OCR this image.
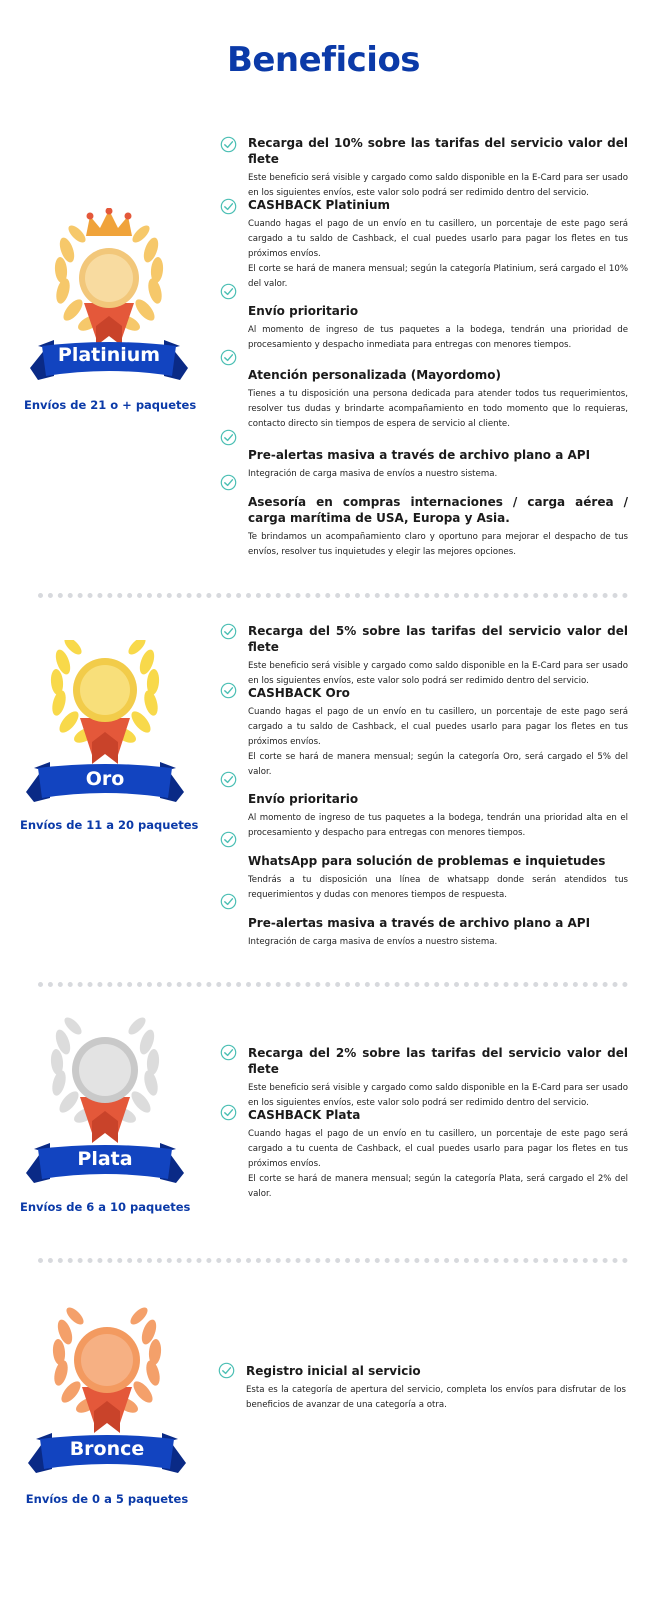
Beneficios
Platinium
Envíos de 21 o + paquetes
Recarga del 10% sobre las tarifas del servicio valor del flete
Este beneficio será visible y cargado como saldo disponible en la E-Card para ser usado en los siguientes envíos, este valor solo podrá ser redimido dentro del servicio.
CASHBACK Platinium
Cuando hagas el pago de un envío en tu casillero, un porcentaje de este pago será cargado a tu saldo de Cashback, el cual puedes usarlo para pagar los fletes en tus próximos envíos.
El corte se hará de manera mensual; según la categoría Platinium, será cargado el 10% del valor.
Envío prioritario
Al momento de ingreso de tus paquetes a la bodega, tendrán una prioridad de procesamiento y despacho inmediata para entregas con menores tiempos.
Atención personalizada (Mayordomo)
Tienes a tu disposición una persona dedicada para atender todos tus requerimientos, resolver tus dudas y brindarte acompañamiento en todo momento que lo requieras, contacto directo sin tiempos de espera de servicio al cliente.
Pre-alertas masiva a través de archivo plano a API
Integración de carga masiva de envíos a nuestro sistema.
Asesoría en compras internaciones / carga aérea / carga marítima de USA, Europa y Asia.
Te brindamos un acompañamiento claro y oportuno para mejorar el despacho de tus envíos, resolver tus inquietudes y elegir las mejores opciones.
Oro
Envíos de 11 a 20 paquetes
Recarga del 5% sobre las tarifas del servicio valor del flete
Este beneficio será visible y cargado como saldo disponible en la E-Card para ser usado en los siguientes envíos, este valor solo podrá ser redimido dentro del servicio.
CASHBACK Oro
Cuando hagas el pago de un envío en tu casillero, un porcentaje de este pago será cargado a tu saldo de Cashback, el cual puedes usarlo para pagar los fletes en tus próximos envíos.
El corte se hará de manera mensual; según la categoría Oro, será cargado el 5% del valor.
Envío prioritario
Al momento de ingreso de tus paquetes a la bodega, tendrán una prioridad alta en el procesamiento y despacho para entregas con menores tiempos.
WhatsApp para solución de problemas e inquietudes
Tendrás a tu disposición una línea de whatsapp donde serán atendidos tus requerimientos y dudas con menores tiempos de respuesta.
Pre-alertas masiva a través de archivo plano a API
Integración de carga masiva de envíos a nuestro sistema.
Plata
Envíos de 6 a 10 paquetes
Recarga del 2% sobre las tarifas del servicio valor del flete
Este beneficio será visible y cargado como saldo disponible en la E-Card para ser usado en los siguientes envíos, este valor solo podrá ser redimido dentro del servicio.
CASHBACK Plata
Cuando hagas el pago de un envío en tu casillero, un porcentaje de este pago será cargado a tu cuenta de Cashback, el cual puedes usarlo para pagar los fletes en tus próximos envíos.
El corte se hará de manera mensual; según la categoría Plata, será cargado el 2% del valor.
Bronce
Envíos de 0 a 5 paquetes
Registro inicial al servicio
Esta es la categoría de apertura del servicio, completa los envíos para disfrutar de los beneficios de avanzar de una categoría a otra.
